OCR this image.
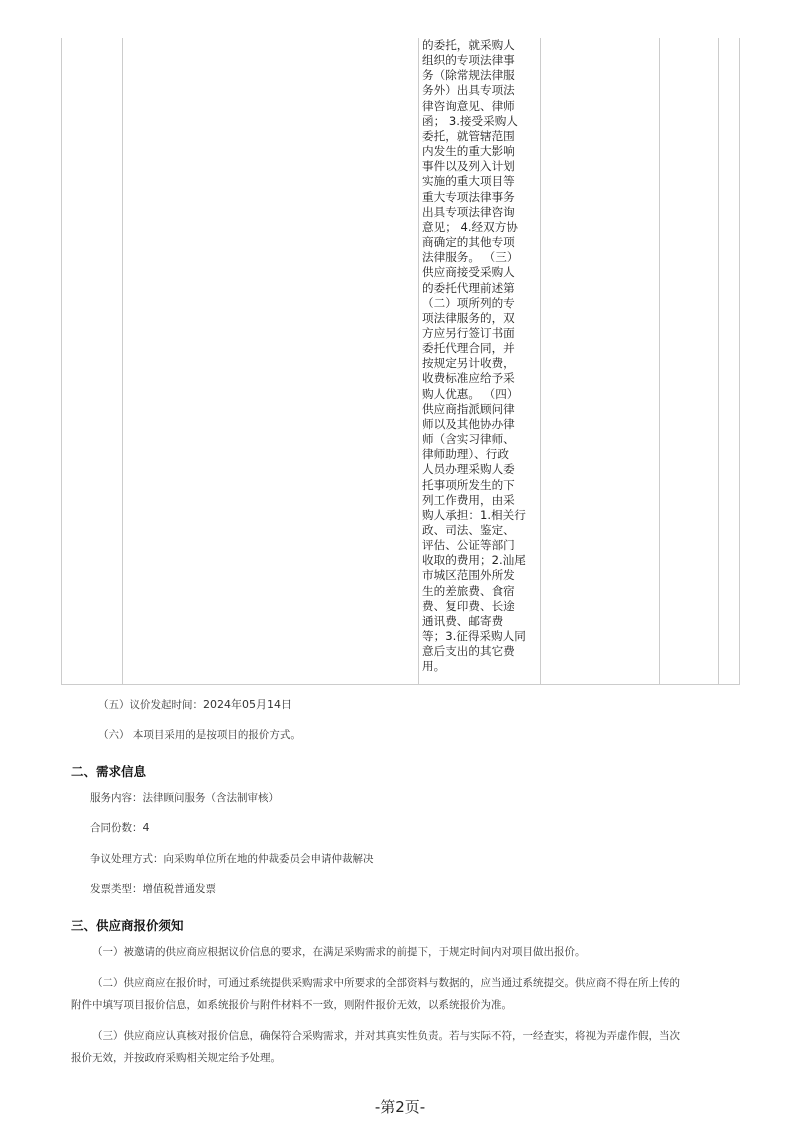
的委托，就采购人
组织的专项法律事
务（除常规法律服
务外）出具专项法
律咨询意见、律师
函； 3.接受采购人
委托，就管辖范围
内发生的重大影响
事件以及列入计划
实施的重大项目等
重大专项法律事务
出具专项法律咨询
意见； 4.经双方协
商确定的其他专项
法律服务。 （三）
供应商接受采购人
的委托代理前述第
（二）项所列的专
项法律服务的，双
方应另行签订书面
委托代理合同，并
按规定另计收费，
收费标准应给予采
购人优惠。 （四）
供应商指派顾问律
师以及其他协办律
师（含实习律师、
律师助理）、行政
人员办理采购人委
托事项所发生的下
列工作费用，由采
购人承担：1.相关行
政、司法、鉴定、
评估、公证等部门
收取的费用；2.汕尾
市城区范围外所发
生的差旅费、食宿
费、复印费、长途
通讯费、邮寄费
等；3.征得采购人同
意后支出的其它费
用。
（五）议价发起时间：2024年05月14日
（六） 本项目采用的是按项目的报价方式。
二、需求信息
服务内容：法律顾问服务（含法制审核）
合同份数：4
争议处理方式：向采购单位所在地的仲裁委员会申请仲裁解决
发票类型：增值税普通发票
三、供应商报价须知
（一）被邀请的供应商应根据议价信息的要求，在满足采购需求的前提下，于规定时间内对项目做出报价。
（二）供应商应在报价时，可通过系统提供采购需求中所要求的全部资料与数据的，应当通过系统提交。供应商不得在所上传的
附件中填写项目报价信息，如系统报价与附件材料不一致，则附件报价无效，以系统报价为准。
（三）供应商应认真核对报价信息，确保符合采购需求，并对其真实性负责。若与实际不符，一经查实，将视为弄虚作假，当次
报价无效，并按政府采购相关规定给予处理。
-第2页-
